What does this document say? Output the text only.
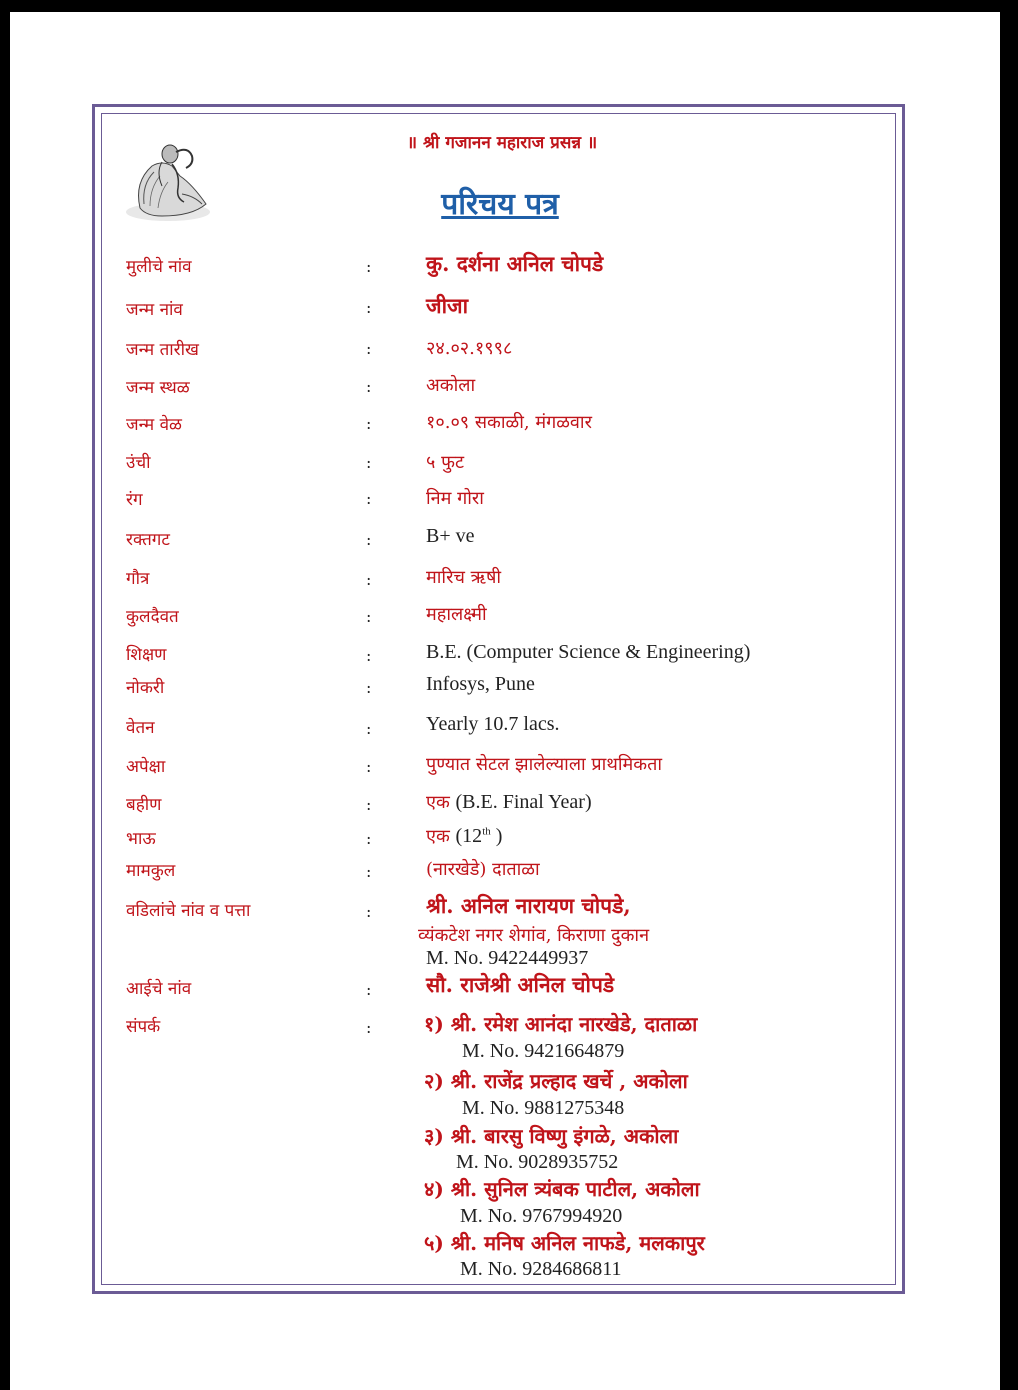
॥ श्री गजानन महाराज प्रसन्न ॥
परिचय पत्र
मुलीचे नांव	:	कु. दर्शना अनिल चोपडे
जन्म नांव	:	जीजा
जन्म तारीख	:	२४.०२.१९९८
जन्म स्थळ	:	अकोला
जन्म वेळ	:	१०.०९ सकाळी, मंगळवार
उंची	:	५ फुट
रंग	:	निम गोरा
रक्तगट	:	B+ ve
गौत्र	:	मारिच ऋषी
कुलदैवत	:	महालक्ष्मी
शिक्षण	:	B.E. (Computer Science & Engineering)
नोकरी	:	Infosys, Pune
वेतन	:	Yearly 10.7 lacs.
अपेक्षा	:	पुण्यात सेटल झालेल्याला प्राथमिकता
बहीण	:	एक (B.E. Final Year)
भाऊ	:	एक (12th )
मामकुल	:	(नारखेडे) दाताळा
वडिलांचे नांव व पत्ता	:	श्री. अनिल नारायण चोपडे,
व्यंकटेश नगर शेगांव, किराणा दुकान
M. No. 9422449937
आईचे नांव	:	सौ. राजेश्री अनिल चोपडे
संपर्क	:	१) श्री. रमेश आनंदा नारखेडे, दाताळा
M. No. 9421664879
२) श्री. राजेंद्र प्रल्हाद खर्चे , अकोला
M. No. 9881275348
३) श्री. बारसु विष्णु इंगळे, अकोला
M. No. 9028935752
४) श्री. सुनिल त्र्यंबक पाटील, अकोला
M. No. 9767994920
५) श्री. मनिष अनिल नाफडे, मलकापुर
M. No. 9284686811
